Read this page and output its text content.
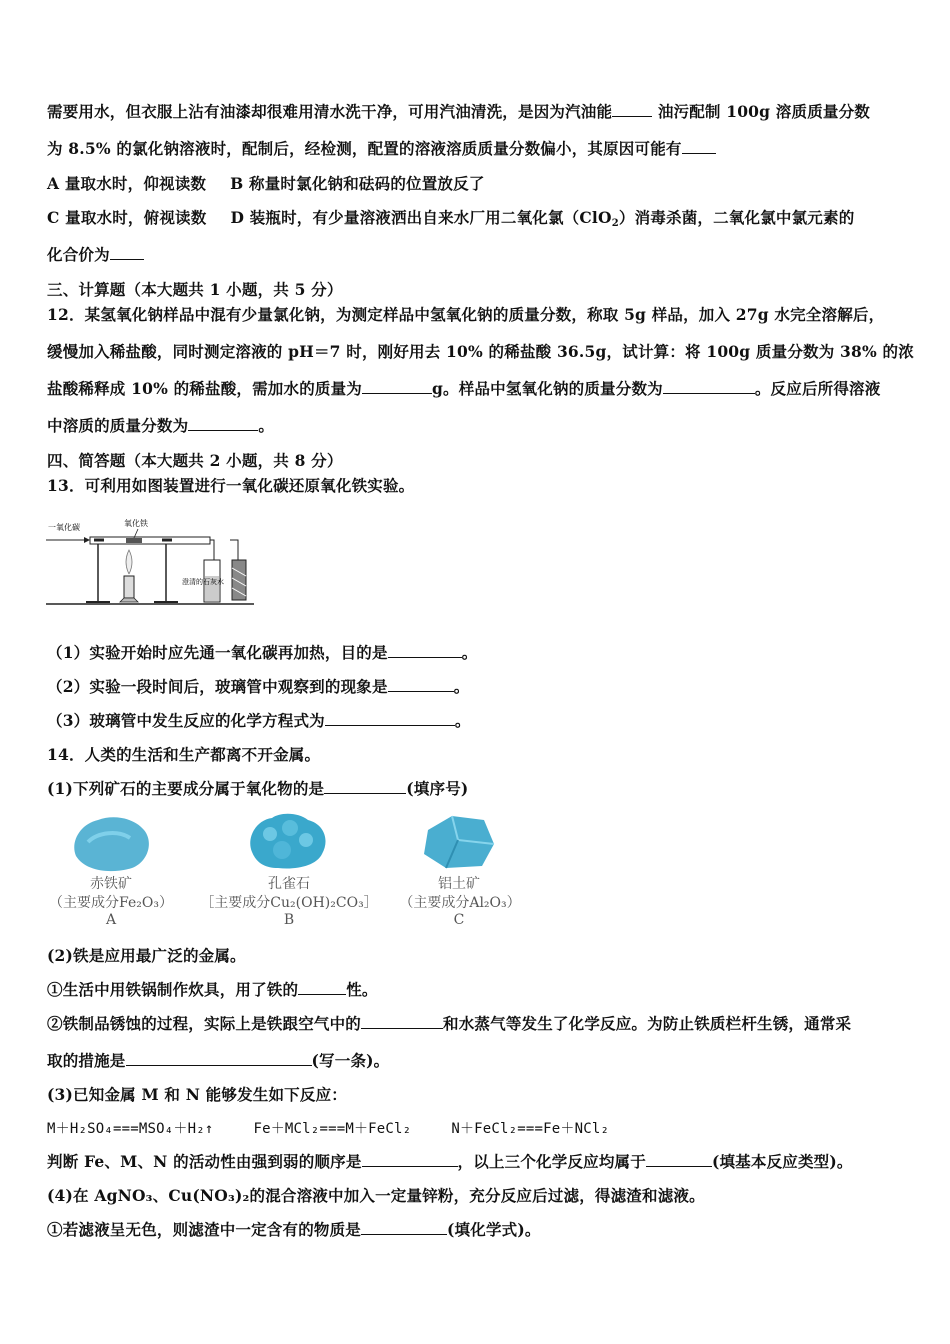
需要用水，但衣服上沾有油漆却很难用清水洗干净，可用汽油清洗，是因为汽油能	油污配制 100g 溶质质量分数
为 8.5% 的氯化钠溶液时，配制后，经检测，配置的溶液溶质质量分数偏小，其原因可能有
A 量取水时，仰视读数 B 称量时氯化钠和砝码的位置放反了
C 量取水时，俯视读数 D 装瓶时，有少量溶液洒出自来水厂用二氧化氯（ClO$_2$）消毒杀菌，二氧化氯中氯元素的
化合价为
三、计算题（本大题共 1 小题，共 5 分）
12．某氢氧化钠样品中混有少量氯化钠，为测定样品中氢氧化钠的质量分数，称取 5g 样品，加入 27g 水完全溶解后，
缓慢加入稀盐酸，同时测定溶液的 pH＝7 时，刚好用去 10% 的稀盐酸 36.5g，试计算：将 100g 质量分数为 38% 的浓
盐酸稀释成 10% 的稀盐酸，需加水的质量为	g。样品中氢氧化钠的质量分数为	。反应后所得溶液
中溶质的质量分数为	。
四、简答题（本大题共 2 小题，共 8 分）
13．可利用如图装置进行一氧化碳还原氧化铁实验。
一氧化碳	氧化铁
澄清的石灰水
（1）实验开始时应先通一氧化碳再加热，目的是	。
（2）实验一段时间后，玻璃管中观察到的现象是	。
（3）玻璃管中发生反应的化学方程式为	。
14．人类的生活和生产都离不开金属。
(1)下列矿石的主要成分属于氧化物的是	(填序号)
赤铁矿
（主要成分Fe₂O₃）
A
孔雀石
［主要成分Cu₂(OH)₂CO₃］
B
铝土矿
（主要成分Al₂O₃）
C
(2)铁是应用最广泛的金属。
①生活中用铁锅制作炊具，用了铁的	性。
②铁制品锈蚀的过程，实际上是铁跟空气中的	和水蒸气等发生了化学反应。为防止铁质栏杆生锈，通常采
取的措施是	(写一条)。
(3)已知金属 M 和 N 能够发生如下反应：
M＋H₂SO₄===MSO₄＋H₂↑	Fe＋MCl₂===M＋FeCl₂	N＋FeCl₂===Fe＋NCl₂
判断 Fe、M、N 的活动性由强到弱的顺序是	，以上三个化学反应均属于	(填基本反应类型)。
(4)在 AgNO₃、Cu(NO₃)₂的混合溶液中加入一定量锌粉，充分反应后过滤，得滤渣和滤液。
①若滤液呈无色，则滤渣中一定含有的物质是	(填化学式)。
